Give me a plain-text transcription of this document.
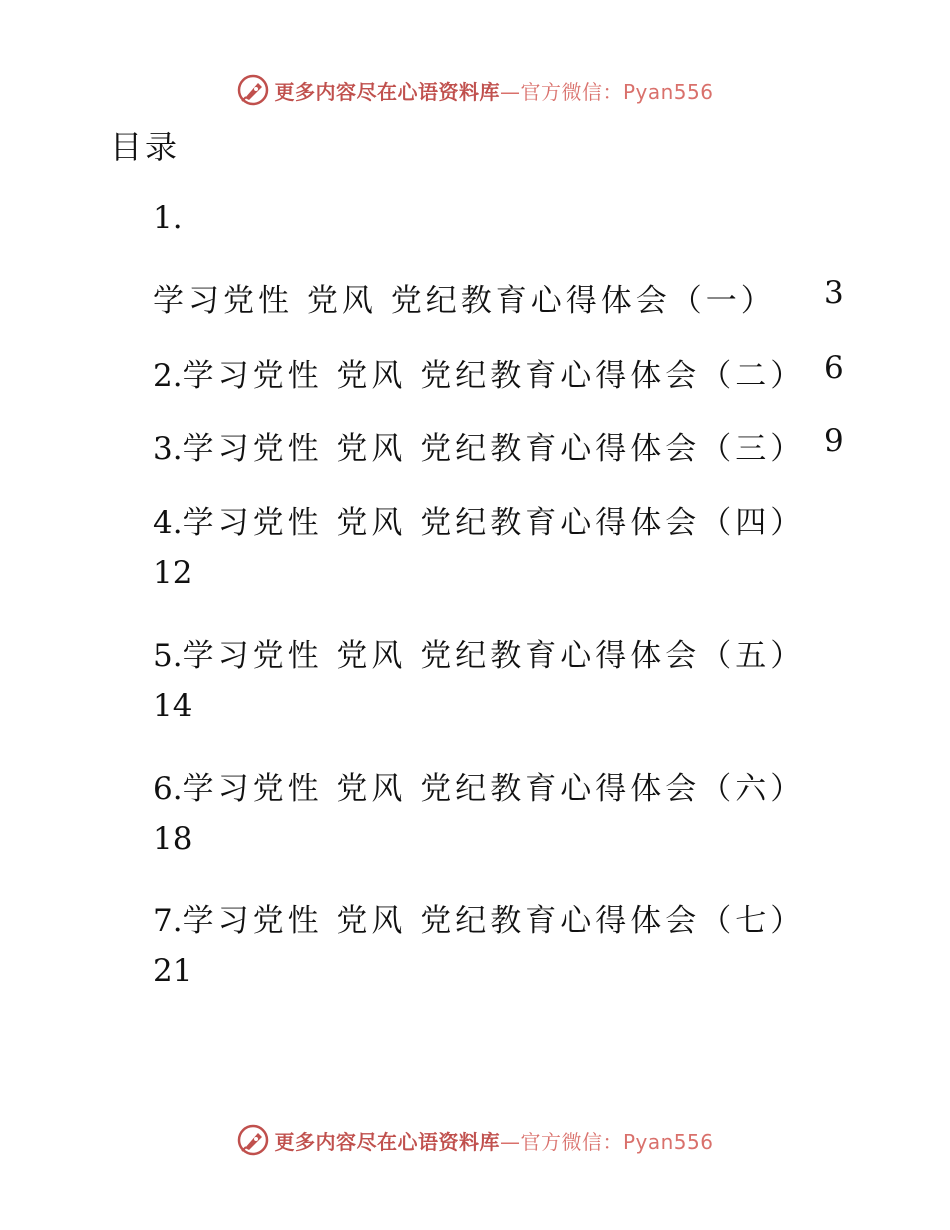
更多内容尽在心语资料库 —官方微信：Pyan556
目录
1.
学习党性 党风 党纪教育心得体会（一） 3
2.学习党性 党风 党纪教育心得体会（二） 6
3.学习党性 党风 党纪教育心得体会（三） 9
4.学习党性 党风 党纪教育心得体会（四）
12
5.学习党性 党风 党纪教育心得体会（五）
14
6.学习党性 党风 党纪教育心得体会（六）
18
7.学习党性 党风 党纪教育心得体会（七）
21
更多内容尽在心语资料库 —官方微信：Pyan556
